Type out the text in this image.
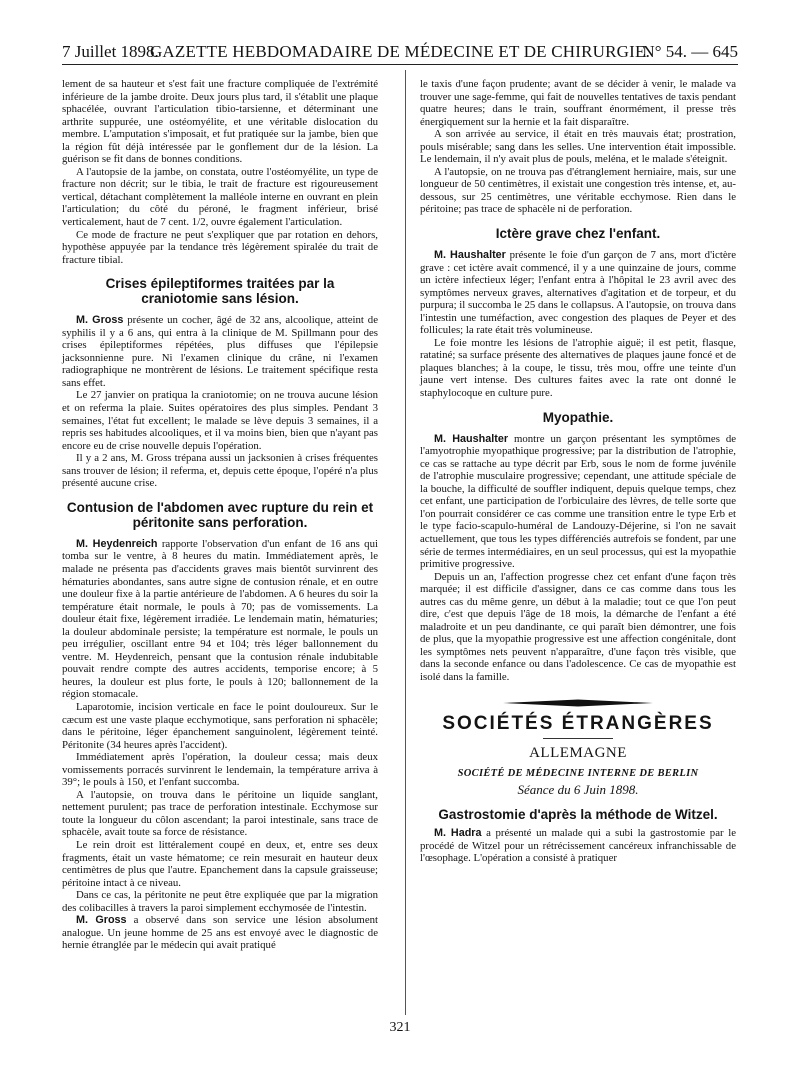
7 Juillet 1898.
GAZETTE HEBDOMADAIRE DE MÉDECINE ET DE CHIRURGIE.
N° 54. — 645

lement de sa hauteur et s'est fait une fracture compliquée de l'extrémité inférieure de la jambe droite. Deux jours plus tard, il s'établit une plaque sphacélée, ouvrant l'articulation tibio-tarsienne, et déterminant une arthrite suppurée, une ostéomyélite, et une véritable dislocation du membre. L'amputation s'imposait, et fut pratiquée sur la jambe, bien que la région fût déjà intéressée par le gonflement dur de la lésion. La guérison se fit dans de bonnes conditions.

A l'autopsie de la jambe, on constata, outre l'ostéomyélite, un type de fracture non décrit; sur le tibia, le trait de fracture est rigoureusement vertical, détachant complètement la malléole interne en ouvrant en plein l'articulation; du côté du péroné, le fragment inférieur, brisé verticalement, haut de 7 cent. 1/2, ouvre également l'articulation.

Ce mode de fracture ne peut s'expliquer que par rotation en dehors, hypothèse appuyée par la tendance très légèrement spiralée du trait de fracture tibial.

Crises épileptiformes traitées par la craniotomie sans lésion.

M. Gross présente un cocher, âgé de 32 ans, alcoolique, atteint de syphilis il y a 6 ans, qui entra à la clinique de M. Spillmann pour des crises épileptiformes répétées, plus diffuses que l'épilepsie jacksonnienne pure. Ni l'examen clinique du crâne, ni l'examen radiographique ne montrèrent de lésions. Le traitement spécifique resta sans effet.

Le 27 janvier on pratiqua la craniotomie; on ne trouva aucune lésion et on referma la plaie. Suites opératoires des plus simples. Pendant 3 semaines, l'état fut excellent; le malade se lève depuis 3 semaines, il a repris ses habitudes alcooliques, et il va moins bien, bien que n'ayant pas encore eu de crise nouvelle depuis l'opération.

Il y a 2 ans, M. Gross trépana aussi un jacksonien à crises fréquentes sans trouver de lésion; il referma, et, depuis cette époque, l'opéré n'a plus présenté aucune crise.

Contusion de l'abdomen avec rupture du rein et péritonite sans perforation.

M. Heydenreich rapporte l'observation d'un enfant de 16 ans qui tomba sur le ventre, à 8 heures du matin. Immédiatement après, le malade ne présenta pas d'accidents graves mais bientôt survinrent des hématuries abondantes, sans autre signe de contusion rénale, et en outre une douleur fixe à la partie antérieure de l'abdomen. A 6 heures du soir la température était normale, le pouls à 70; pas de vomissements. La douleur était fixe, légèrement irradiée. Le lendemain matin, hématuries; la douleur abdominale persiste; la température est normale, le pouls un peu irrégulier, oscillant entre 94 et 104; très léger ballonnement du ventre. M. Heydenreich, pensant que la contusion rénale indubitable pouvait rendre compte des autres accidents, temporise encore; à 5 heures, la douleur est plus forte, le pouls à 120; ballonnement de la région stomacale.

Laparotomie, incision verticale en face le point douloureux. Sur le cæcum est une vaste plaque ecchymotique, sans perforation ni sphacèle; dans le péritoine, léger épanchement sanguinolent, légèrement teinté. Péritonite (34 heures après l'accident).

Immédiatement après l'opération, la douleur cessa; mais deux vomissements porracés survinrent le lendemain, la température arriva à 39°; le pouls à 150, et l'enfant succomba.

A l'autopsie, on trouva dans le péritoine un liquide sanglant, nettement purulent; pas trace de perforation intestinale. Ecchymose sur toute la longueur du côlon ascendant; la paroi intestinale, sans trace de sphacèle, avait toute sa force de résistance.

Le rein droit est littéralement coupé en deux, et, entre ses deux fragments, était un vaste hématome; ce rein mesurait en hauteur deux centimètres de plus que l'autre. Epanchement dans la capsule graisseuse; péritoine intact à ce niveau.

Dans ce cas, la péritonite ne peut être expliquée que par la migration des colibacilles à travers la paroi simplement ecchymosée de l'intestin.

M. Gross a observé dans son service une lésion absolument analogue. Un jeune homme de 25 ans est envoyé avec le diagnostic de hernie étranglée par le médecin qui avait pratiqué

le taxis d'une façon prudente; avant de se décider à venir, le malade va trouver une sage-femme, qui fait de nouvelles tentatives de taxis pendant quatre heures; dans le train, souffrant énormément, il presse très énergiquement sur la hernie et la fait disparaître.

A son arrivée au service, il était en très mauvais état; prostration, pouls misérable; sang dans les selles. Une intervention était impossible. Le lendemain, il n'y avait plus de pouls, meléna, et le malade s'éteignit.

A l'autopsie, on ne trouva pas d'étranglement herniaire, mais, sur une longueur de 50 centimètres, il existait une congestion très intense, et, au-dessous, sur 25 centimètres, une véritable ecchymose. Rien dans le péritoine; pas trace de sphacèle ni de perforation.

Ictère grave chez l'enfant.

M. Haushalter présente le foie d'un garçon de 7 ans, mort d'ictère grave : cet ictère avait commencé, il y a une quinzaine de jours, comme un ictère infectieux léger; l'enfant entra à l'hôpital le 23 avril avec des symptômes nerveux graves, alternatives d'agitation et de torpeur, et du purpura; il succomba le 25 dans le collapsus. A l'autopsie, on trouva dans l'intestin une tuméfaction, avec congestion des plaques de Peyer et des follicules; la rate était très volumineuse.

Le foie montre les lésions de l'atrophie aiguë; il est petit, flasque, ratatiné; sa surface présente des alternatives de plaques jaune foncé et de plaques blanches; à la coupe, le tissu, très mou, offre une teinte d'un jaune vert intense. Des cultures faites avec la rate ont donné le staphylocoque en culture pure.

Myopathie.

M. Haushalter montre un garçon présentant les symptômes de l'amyotrophie myopathique progressive; par la distribution de l'atrophie, ce cas se rattache au type décrit par Erb, sous le nom de forme juvénile de l'atrophie musculaire progressive; cependant, une attitude spéciale de la bouche, la difficulté de souffler indiquent, depuis quelque temps, chez cet enfant, une participation de l'orbiculaire des lèvres, de telle sorte que l'on pourrait considérer ce cas comme une transition entre le type Erb et le type facio-scapulo-huméral de Landouzy-Déjerine, si l'on ne savait actuellement, que tous les types différenciés autrefois se fondent, par une série de termes intermédiaires, en un seul processus, qui est la myopathie primitive progressive.

Depuis un an, l'affection progresse chez cet enfant d'une façon très marquée; il est difficile d'assigner, dans ce cas comme dans tous les autres cas du même genre, un début à la maladie; tout ce que l'on peut dire, c'est que depuis l'âge de 18 mois, la démarche de l'enfant a été maladroite et un peu dandinante, ce qui paraît bien démontrer, une fois de plus, que la myopathie progressive est une affection congénitale, dont les symptômes nets peuvent n'apparaître, d'une façon très visible, que dans la seconde enfance ou dans l'adolescence. Ce cas de myopathie est isolé dans la famille.

SOCIÉTÉS ÉTRANGÈRES
ALLEMAGNE
SOCIÉTÉ DE MÉDECINE INTERNE DE BERLIN
Séance du 6 Juin 1898.
Gastrostomie d'après la méthode de Witzel.

M. Hadra a présenté un malade qui a subi la gastrostomie par le procédé de Witzel pour un rétrécissement cancéreux infranchissable de l'œsophage. L'opération a consisté à pratiquer

321
